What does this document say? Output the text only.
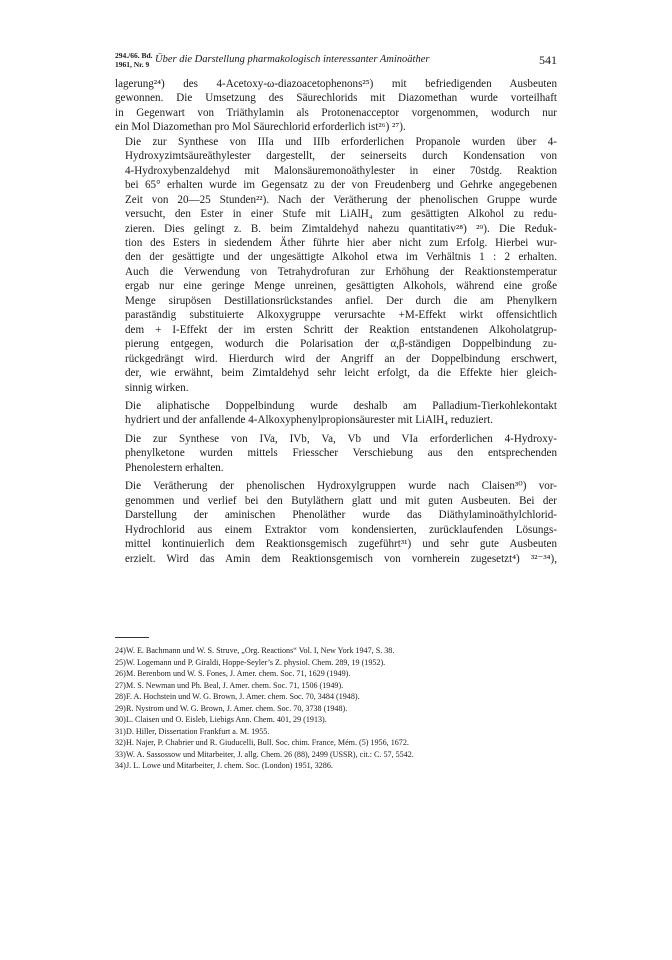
294./66. Bd.
1961, Nr. 9 Über die Darstellung pharmakologisch interessanter Aminoäther	541

lagerung²⁴) des 4-Acetoxy-ω-diazoacetophenons²⁵) mit befriedigenden Ausbeuten
gewonnen. Die Umsetzung des Säurechlorids mit Diazomethan wurde vorteilhaft
in Gegenwart von Triäthylamin als Protonenacceptor vorgenommen, wodurch nur
ein Mol Diazomethan pro Mol Säurechlorid erforderlich ist²⁶) ²⁷).

Die zur Synthese von IIIa und IIIb erforderlichen Propanole wurden über 4-
Hydroxyzimtsäureäthylester dargestellt, der seinerseits durch Kondensation von
4-Hydroxybenzaldehyd mit Malonsäuremonoäthylester in einer 70stdg. Reaktion
bei 65° erhalten wurde im Gegensatz zu der von Freudenberg und Gehrke angegebenen
Zeit von 20—25 Stunden²²). Nach der Verätherung der phenolischen Gruppe wurde
versucht, den Ester in einer Stufe mit LiAlH₄ zum gesättigten Alkohol zu redu-
zieren. Dies gelingt z. B. beim Zimtaldehyd nahezu quantitativ²⁸) ²⁹). Die Reduk-
tion des Esters in siedendem Äther führte hier aber nicht zum Erfolg. Hierbei wur-
den der gesättigte und der ungesättigte Alkohol etwa im Verhältnis 1 : 2 erhalten.
Auch die Verwendung von Tetrahydrofuran zur Erhöhung der Reaktionstemperatur
ergab nur eine geringe Menge unreinen, gesättigten Alkohols, während eine große
Menge sirupösen Destillationsrückstandes anfiel. Der durch die am Phenylkern
paraständig substituierte Alkoxygruppe verursachte +M-Effekt wirkt offensichtlich
dem + I-Effekt der im ersten Schritt der Reaktion entstandenen Alkoholatgrup-
pierung entgegen, wodurch die Polarisation der α,β-ständigen Doppelbindung zu-
rückgedrängt wird. Hierdurch wird der Angriff an der Doppelbindung erschwert,
der, wie erwähnt, beim Zimtaldehyd sehr leicht erfolgt, da die Effekte hier gleich-
sinnig wirken.

Die aliphatische Doppelbindung wurde deshalb am Palladium-Tierkohlekontakt
hydriert und der anfallende 4-Alkoxyphenylpropionsäurester mit LiAlH₄ reduziert.

Die zur Synthese von IVa, IVb, Va, Vb und VIa erforderlichen 4-Hydroxy-
phenylketone wurden mittels Friesscher Verschiebung aus den entsprechenden
Phenolestern erhalten.

Die Verätherung der phenolischen Hydroxylgruppen wurde nach Claisen³⁰) vor-
genommen und verlief bei den Butyläthern glatt und mit guten Ausbeuten. Bei der
Darstellung der aminischen Phenoläther wurde das Diäthylaminoäthylchlorid-
Hydrochlorid aus einem Extraktor vom kondensierten, zurücklaufenden Lösungs-
mittel kontinuierlich dem Reaktionsgemisch zugeführt³¹) und sehr gute Ausbeuten
erzielt. Wird das Amin dem Reaktionsgemisch von vornherein zugesetzt⁴) ³²⁻³⁴),

24)W. E. Bachmann und W. S. Struve, „Org. Reactions“ Vol. I, New York 1947, S. 38.
25)W. Logemann und P. Giraldi, Hoppe-Seyler’s Z. physiol. Chem. 289, 19 (1952).
26)M. Berenbom und W. S. Fones, J. Amer. chem. Soc. 71, 1629 (1949).
27)M. S. Newman und Ph. Beal, J. Amer. chem. Soc. 71, 1506 (1949).
28)F. A. Hochstein und W. G. Brown, J. Amer. chem. Soc. 70, 3484 (1948).
29)R. Nystrom und W. G. Brown, J. Amer. chem. Soc. 70, 3738 (1948).
30)L. Claisen und O. Eisleb, Liebigs Ann. Chem. 401, 29 (1913).
31)D. Hiller, Dissertation Frankfurt a. M. 1955.
32)H. Najer, P. Chabrier und R. Giuducelli, Bull. Soc. chim. France, Mém. (5) 1956, 1672.
33)W. A. Sassossow und Mitarbeiter, J. allg. Chem. 26 (88), 2499 (USSR), cit.: C. 57, 5542.
34)J. L. Lowe und Mitarbeiter, J. chem. Soc. (London) 1951, 3286.
